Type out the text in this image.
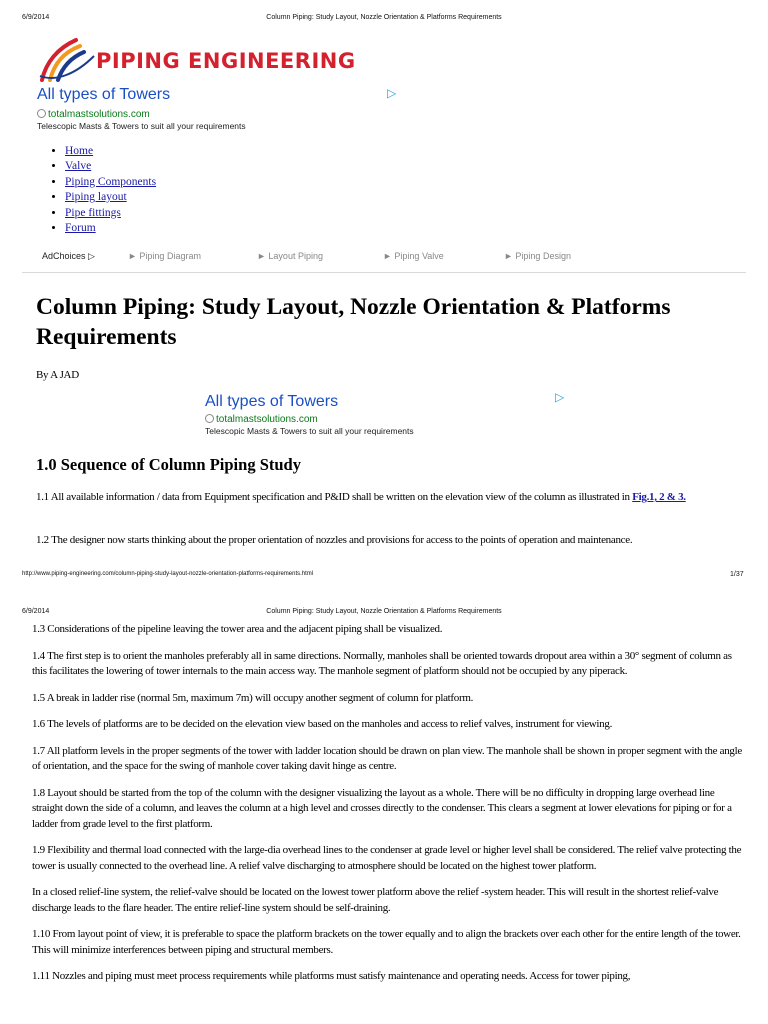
6/9/2014	Column Piping: Study Layout, Nozzle Orientation & Platforms Requirements
PIPING ENGINEERING
All types of Towers	▷
totalmastsolutions.com
Telescopic Masts & Towers to suit all your requirements
• Home
• Valve
• Piping Components
• Piping layout
• Pipe fittings
• Forum
AdChoices ▷	► Piping Diagram	► Layout Piping	► Piping Valve	► Piping Design
Column Piping: Study Layout, Nozzle Orientation & Platforms
Requirements
By A JAD
All types of Towers	▷
totalmastsolutions.com
Telescopic Masts & Towers to suit all your requirements
1.0 Sequence of Column Piping Study
1.1 All available information / data from Equipment specification and P&ID shall be written on the elevation view of the column as illustrated in Fig.1, 2 & 3.
1.2 The designer now starts thinking about the proper orientation of nozzles and provisions for access to the points of operation and maintenance.
http://www.piping-engineering.com/column-piping-study-layout-nozzle-orientation-platforms-requirements.html	1/37
6/9/2014	Column Piping: Study Layout, Nozzle Orientation & Platforms Requirements

1.3 Considerations of the pipeline leaving the tower area and the adjacent piping shall be visualized.

1.4 The first step is to orient the manholes preferably all in same directions. Normally, manholes shall be oriented towards dropout area within a 30° segment of column as this facilitates the lowering of tower internals to the main access way. The manhole segment of platform should not be occupied by any piperack.

1.5 A break in ladder rise (normal 5m, maximum 7m) will occupy another segment of column for platform.

1.6 The levels of platforms are to be decided on the elevation view based on the manholes and access to relief valves, instrument for viewing.

1.7 All platform levels in the proper segments of the tower with ladder location should be drawn on plan view. The manhole shall be shown in proper segment with the angle of orientation, and the space for the swing of manhole cover taking davit hinge as centre.

1.8 Layout should be started from the top of the column with the designer visualizing the layout as a whole. There will be no difficulty in dropping large overhead line straight down the side of a column, and leaves the column at a high level and crosses directly to the condenser. This clears a segment at lower elevations for piping or for a ladder from grade level to the first platform.

1.9 Flexibility and thermal load connected with the large-dia overhead lines to the condenser at grade level or higher level shall be considered. The relief valve protecting the tower is usually connected to the overhead line. A relief valve discharging to atmosphere should be located on the highest tower platform.

In a closed relief-line system, the relief-valve should be located on the lowest tower platform above the relief -system header. This will result in the shortest relief-valve discharge leads to the flare header. The entire relief-line system should be self-draining.

1.10 From layout point of view, it is preferable to space the platform brackets on the tower equally and to align the brackets over each other for the entire length of the tower. This will minimize interferences between piping and structural members.

1.11 Nozzles and piping must meet process requirements while platforms must satisfy maintenance and operating needs. Access for tower piping,
